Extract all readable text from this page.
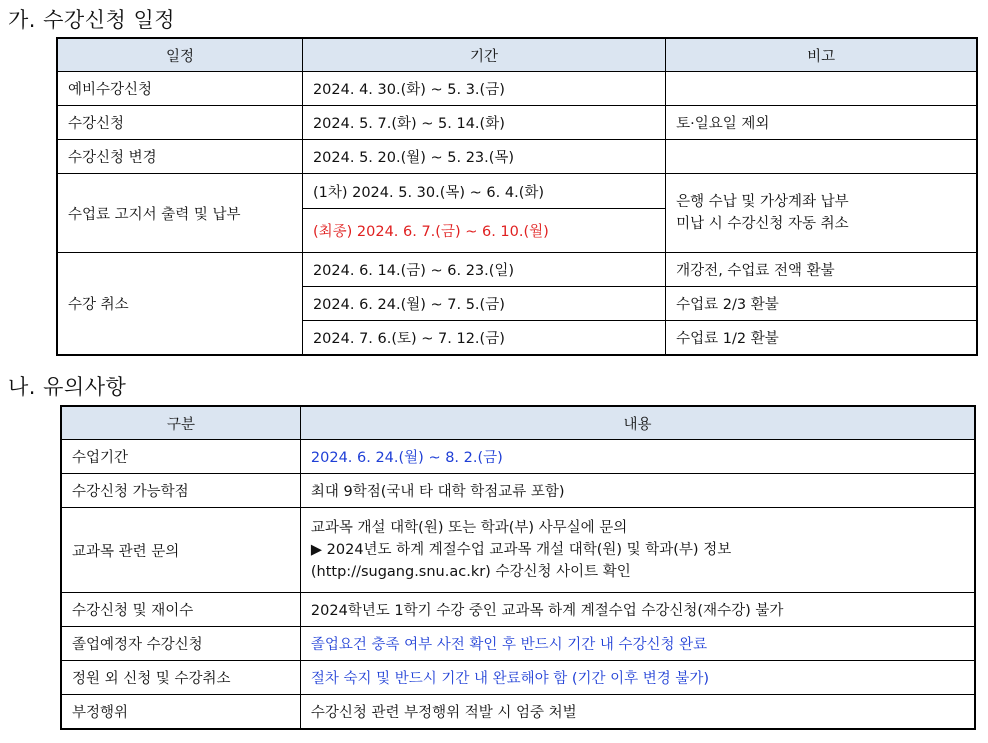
가. 수강신청 일정
일정	기간	비고
예비수강신청	2024. 4. 30.(화) ~ 5. 3.(금)	
수강신청	2024. 5. 7.(화) ~ 5. 14.(화)	토·일요일 제외
수강신청 변경	2024. 5. 20.(월) ~ 5. 23.(목)	
수업료 고지서 출력 및 납부	(1차) 2024. 5. 30.(목) ~ 6. 4.(화)	은행 수납 및 가상계좌 납부
미납 시 수강신청 자동 취소

	(최종) 2024. 6. 7.(금) ~ 6. 10.(월)	
수강 취소	2024. 6. 14.(금) ~ 6. 23.(일)	개강전, 수업료 전액 환불
	2024. 6. 24.(월) ~ 7. 5.(금)	수업료 2/3 환불
	2024. 7. 6.(토) ~ 7. 12.(금)	수업료 1/2 환불
나. 유의사항
구분	내용
수업기간	2024. 6. 24.(월) ~ 8. 2.(금)
수강신청 가능학점	최대 9학점(국내 타 대학 학점교류 포함)
교과목 관련 문의	교과목 개설 대학(원) 또는 학과(부) 사무실에 문의
▶ 2024년도 하계 계절수업 교과목 개설 대학(원) 및 학과(부) 정보
(http://sugang.snu.ac.kr) 수강신청 사이트 확인

수강신청 및 재이수	2024학년도 1학기 수강 중인 교과목 하계 계절수업 수강신청(재수강) 불가
졸업예정자 수강신청	졸업요건 충족 여부 사전 확인 후 반드시 기간 내 수강신청 완료
정원 외 신청 및 수강취소	절차 숙지 및 반드시 기간 내 완료해야 함 (기간 이후 변경 불가)
부정행위	수강신청 관련 부정행위 적발 시 엄중 처벌
